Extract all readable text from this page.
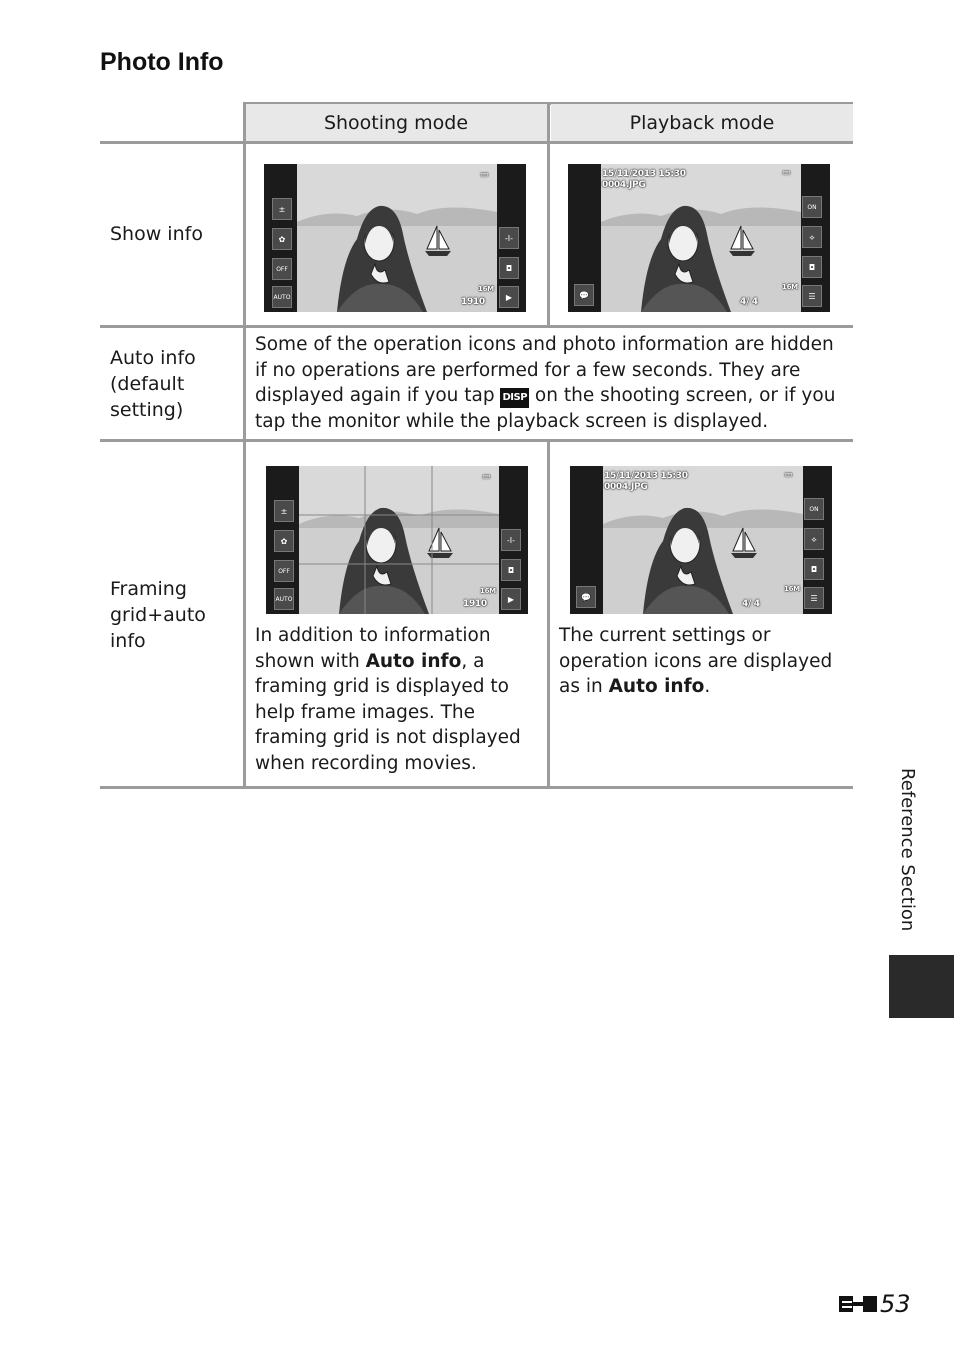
Photo Info
Shooting mode	Playback mode
Show info
Auto info
(default
setting)
Framing
grid+auto
info
Some of the operation icons and photo information are hidden if no operations are performed for a few seconds. They are displayed again if you tap DISP on the shooting screen, or if you tap the monitor while the playback screen is displayed.
In addition to information shown with Auto info, a framing grid is displayed to help frame images. The framing grid is not displayed when recording movies.
The current settings or operation icons are displayed as in Auto info.
±
✿
OFF
AUTO
-I-
◘
▶
▭
16M
1910
15/11/2013 15:30
0004.JPG
▭
💬
ON
⟡
◘
☰
16M
4/ 4
±
✿
OFF
AUTO
-I-
◘
▶
▭
16M
1910
15/11/2013 15:30
0004.JPG
▭
💬
ON
⟡
◘
☰
16M
4/ 4
Reference Section
53
